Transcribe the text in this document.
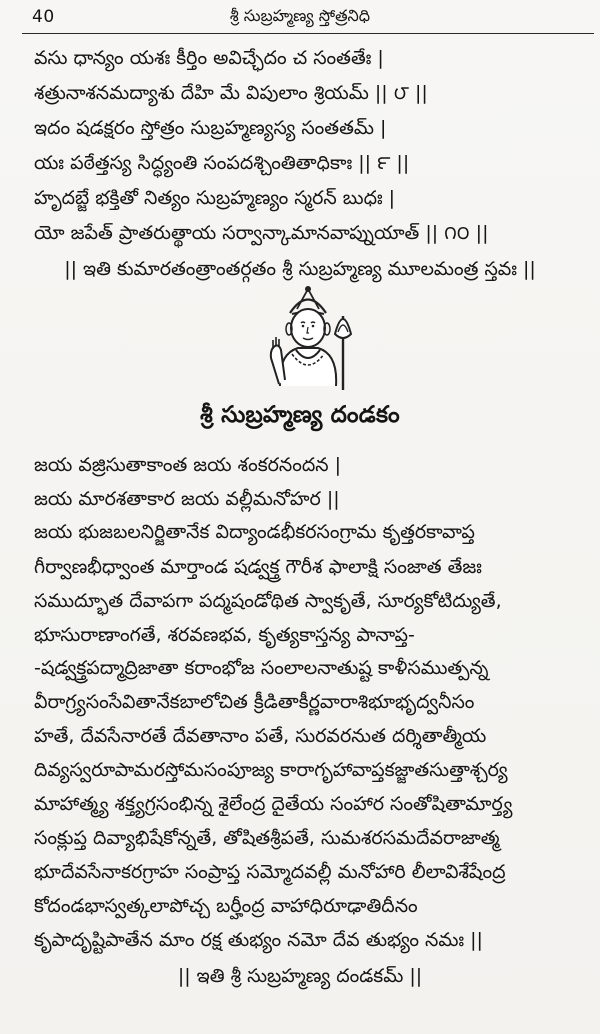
40	శ్రీ సుబ్రహ్మణ్య స్తోత్రనిధి
వసు ధాన్యం యశః కీర్తిం అవిచ్ఛేదం చ సంతతేః |
శత్రునాశనమద్యాశు దేహి మే విపులాం శ్రియమ్ || ౮ ||
ఇదం షడక్షరం స్తోత్రం సుబ్రహ్మణ్యస్య సంతతమ్ |
యః పఠేత్తస్య సిద్ధ్యంతి సంపదశ్చింతితాధికాః || ౯ ||
హృదబ్జే భక్తితో నిత్యం సుబ్రహ్మణ్యం స్మరన్ బుధః |
యో జపేత్ ప్రాతరుత్థాయ సర్వాన్కామానవాప్నుయాత్ || ౧౦ ||
|| ఇతి కుమారతంత్రాంతర్గతం శ్రీ సుబ్రహ్మణ్య మూలమంత్ర స్తవః ||
శ్రీ సుబ్రహ్మణ్య దండకం
జయ వజ్రిసుతాకాంత జయ శంకరనందన |
జయ మారశతాకార జయ వల్లీమనోహర ||
జయ భుజబలనిర్జితానేక విద్యాండభీకరసంగ్రామ కృత్తరకావాప్త
గీర్వాణభీధ్వాంత మార్తాండ షడ్వక్త్ర గౌరీశ ఫాలాక్షి సంజాత తేజః
సముద్భూత దేవాపగా పద్మషండోథిత స్వాకృతే, సూర్యకోటిద్యుతే,
భూసురాణాంగతే, శరవణభవ, కృత్యకాస్తన్య పానాప్త-
-షడ్వక్త్రపద్మాద్రిజాతా కరాంభోజ సంలాలనాతుష్ట కాళీసముత్పన్న
వీరాగ్ర్యసంసేవితానేకబాలోచిత క్రీడితాకీర్ణవారాశిభూభృద్వనీసం
హతే, దేవసేనారతే దేవతానాం పతే, సురవరనుత దర్శితాత్మీయ
దివ్యస్వరూపామరస్తోమసంపూజ్య కారాగృహావాప్తకజ్జాతసుత్తాశ్చర్య
మాహాత్మ్య శక్త్యగ్రసంభిన్న శైలేంద్ర దైతేయ సంహార సంతోషితామార్త్య
సంక్లుప్త దివ్యాభిషేకోన్నతే, తోషితశ్రీపతే, సుమశరసమదేవరాజాత్మ
భూదేవసేనాకరగ్రాహ సంప్రాప్త సమ్మోదవల్లీ మనోహారి లీలావిశేషేంద్ర
కోదండభాస్వత్కలాపోచ్చ బర్హీంద్ర వాహాధిరూఢాతిదీనం
కృపాదృష్టిపాతేన మాం రక్ష తుభ్యం నమో దేవ తుభ్యం నమః ||
|| ఇతి శ్రీ సుబ్రహ్మణ్య దండకమ్ ||
